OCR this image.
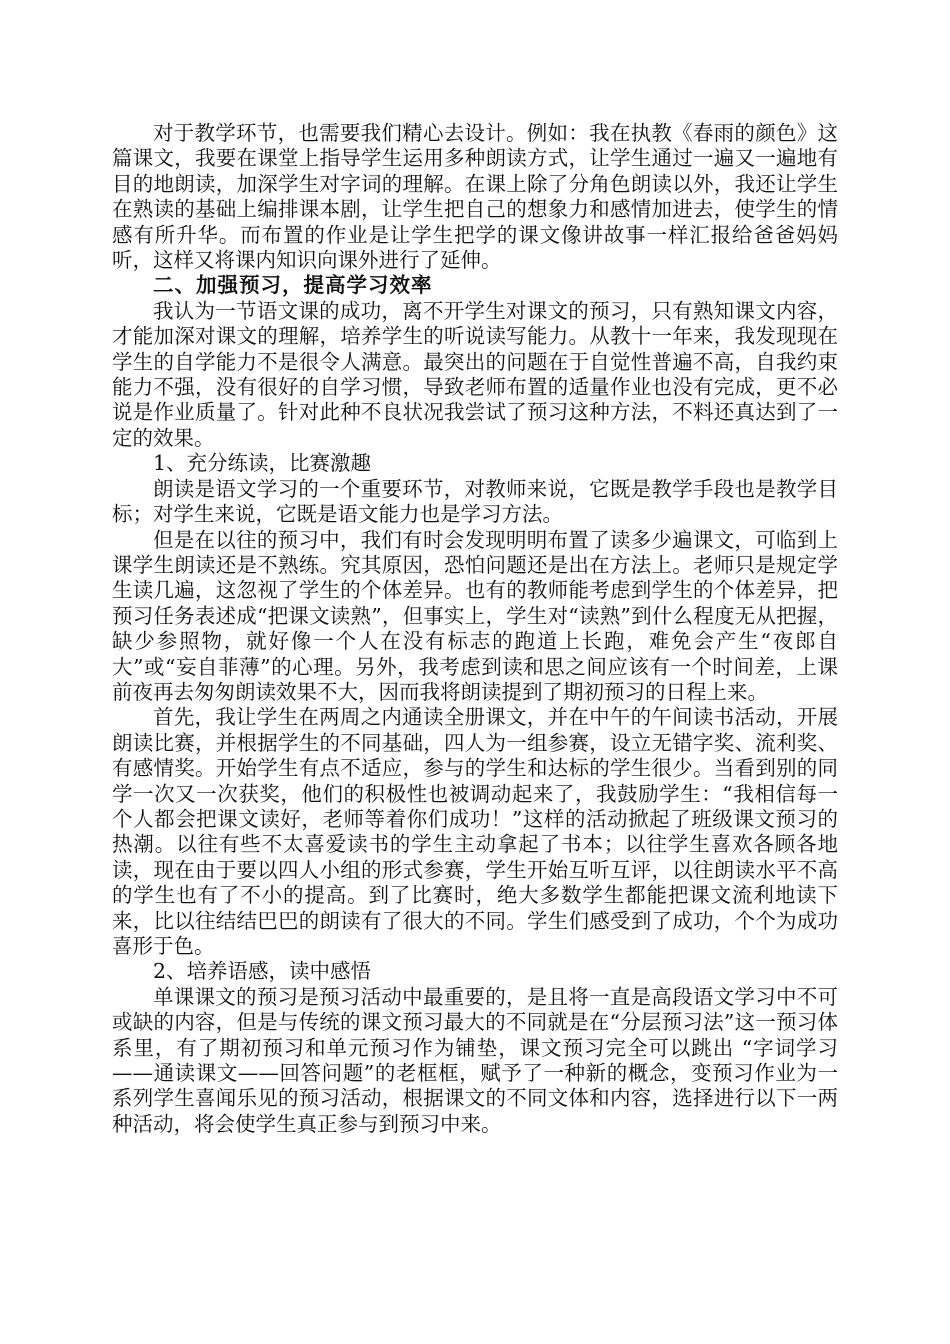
对于教学环节，也需要我们精心去设计。例如：我在执教《春雨的颜色》这篇课文，我要在课堂上指导学生运用多种朗读方式，让学生通过一遍又一遍地有目的地朗读，加深学生对字词的理解。在课上除了分角色朗读以外，我还让学生在熟读的基础上编排课本剧，让学生把自己的想象力和感情加进去，使学生的情感有所升华。而布置的作业是让学生把学的课文像讲故事一样汇报给爸爸妈妈听，这样又将课内知识向课外进行了延伸。

二、加强预习，提高学习效率

我认为一节语文课的成功，离不开学生对课文的预习，只有熟知课文内容，才能加深对课文的理解，培养学生的听说读写能力。从教十一年来，我发现现在学生的自学能力不是很令人满意。最突出的问题在于自觉性普遍不高，自我约束能力不强，没有很好的自学习惯，导致老师布置的适量作业也没有完成，更不必说是作业质量了。针对此种不良状况我尝试了预习这种方法，不料还真达到了一定的效果。

1、充分练读，比赛激趣

朗读是语文学习的一个重要环节，对教师来说，它既是教学手段也是教学目标；对学生来说，它既是语文能力也是学习方法。

但是在以往的预习中，我们有时会发现明明布置了读多少遍课文，可临到上课学生朗读还是不熟练。究其原因，恐怕问题还是出在方法上。老师只是规定学生读几遍，这忽视了学生的个体差异。也有的教师能考虑到学生的个体差异，把预习任务表述成“把课文读熟”，但事实上，学生对“读熟”到什么程度无从把握，缺少参照物，就好像一个人在没有标志的跑道上长跑，难免会产生“夜郎自大”或“妄自菲薄”的心理。另外，我考虑到读和思之间应该有一个时间差，上课前夜再去匆匆朗读效果不大，因而我将朗读提到了期初预习的日程上来。

首先，我让学生在两周之内通读全册课文，并在中午的午间读书活动，开展朗读比赛，并根据学生的不同基础，四人为一组参赛，设立无错字奖、流利奖、有感情奖。开始学生有点不适应，参与的学生和达标的学生很少。当看到别的同学一次又一次获奖，他们的积极性也被调动起来了，我鼓励学生：“我相信每一个人都会把课文读好，老师等着你们成功！”这样的活动掀起了班级课文预习的热潮。以往有些不太喜爱读书的学生主动拿起了书本；以往学生喜欢各顾各地读，现在由于要以四人小组的形式参赛，学生开始互听互评，以往朗读水平不高的学生也有了不小的提高。到了比赛时，绝大多数学生都能把课文流利地读下来，比以往结结巴巴的朗读有了很大的不同。学生们感受到了成功，个个为成功喜形于色。

2、培养语感，读中感悟

单课课文的预习是预习活动中最重要的，是且将一直是高段语文学习中不可或缺的内容，但是与传统的课文预习最大的不同就是在“分层预习法”这一预习体系里，有了期初预习和单元预习作为铺垫，课文预习完全可以跳出 “字词学习——通读课文——回答问题”的老框框，赋予了一种新的概念，变预习作业为一系列学生喜闻乐见的预习活动，根据课文的不同文体和内容，选择进行以下一两种活动，将会使学生真正参与到预习中来。
